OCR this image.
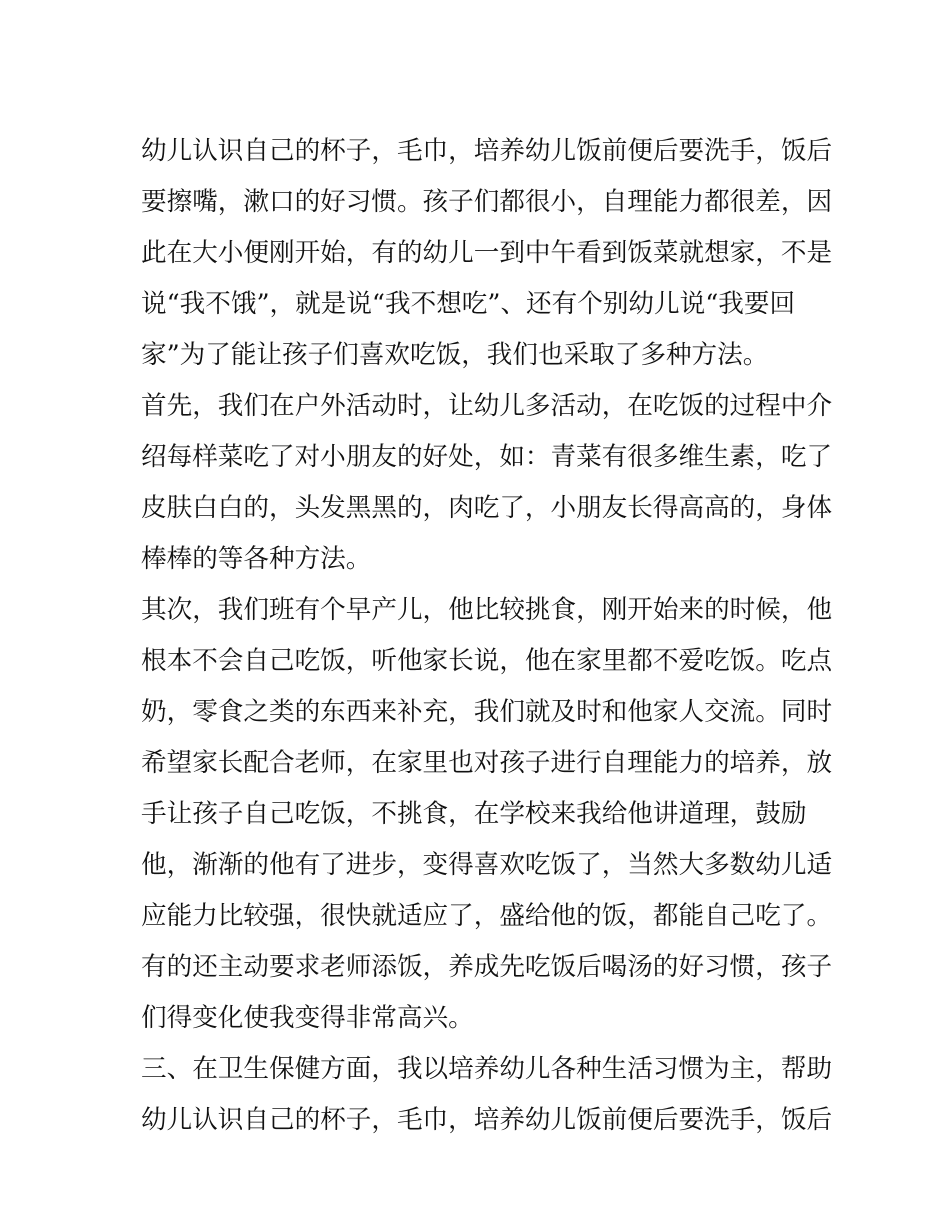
幼儿认识自己的杯子，毛巾，培养幼儿饭前便后要洗手，饭后
要擦嘴，漱口的好习惯。孩子们都很小，自理能力都很差，因
此在大小便刚开始，有的幼儿一到中午看到饭菜就想家，不是
说“我不饿”，就是说“我不想吃”、还有个别幼儿说“我要回
家”为了能让孩子们喜欢吃饭，我们也采取了多种方法。
首先，我们在户外活动时，让幼儿多活动，在吃饭的过程中介
绍每样菜吃了对小朋友的好处，如：青菜有很多维生素，吃了
皮肤白白的，头发黑黑的，肉吃了，小朋友长得高高的，身体
棒棒的等各种方法。
其次，我们班有个早产儿，他比较挑食，刚开始来的时候，他
根本不会自己吃饭，听他家长说，他在家里都不爱吃饭。吃点
奶，零食之类的东西来补充，我们就及时和他家人交流。同时
希望家长配合老师，在家里也对孩子进行自理能力的培养，放
手让孩子自己吃饭，不挑食，在学校来我给他讲道理，鼓励
他，渐渐的他有了进步，变得喜欢吃饭了，当然大多数幼儿适
应能力比较强，很快就适应了，盛给他的饭，都能自己吃了。
有的还主动要求老师添饭，养成先吃饭后喝汤的好习惯，孩子
们得变化使我变得非常高兴。
三、在卫生保健方面，我以培养幼儿各种生活习惯为主，帮助
幼儿认识自己的杯子，毛巾，培养幼儿饭前便后要洗手，饭后
